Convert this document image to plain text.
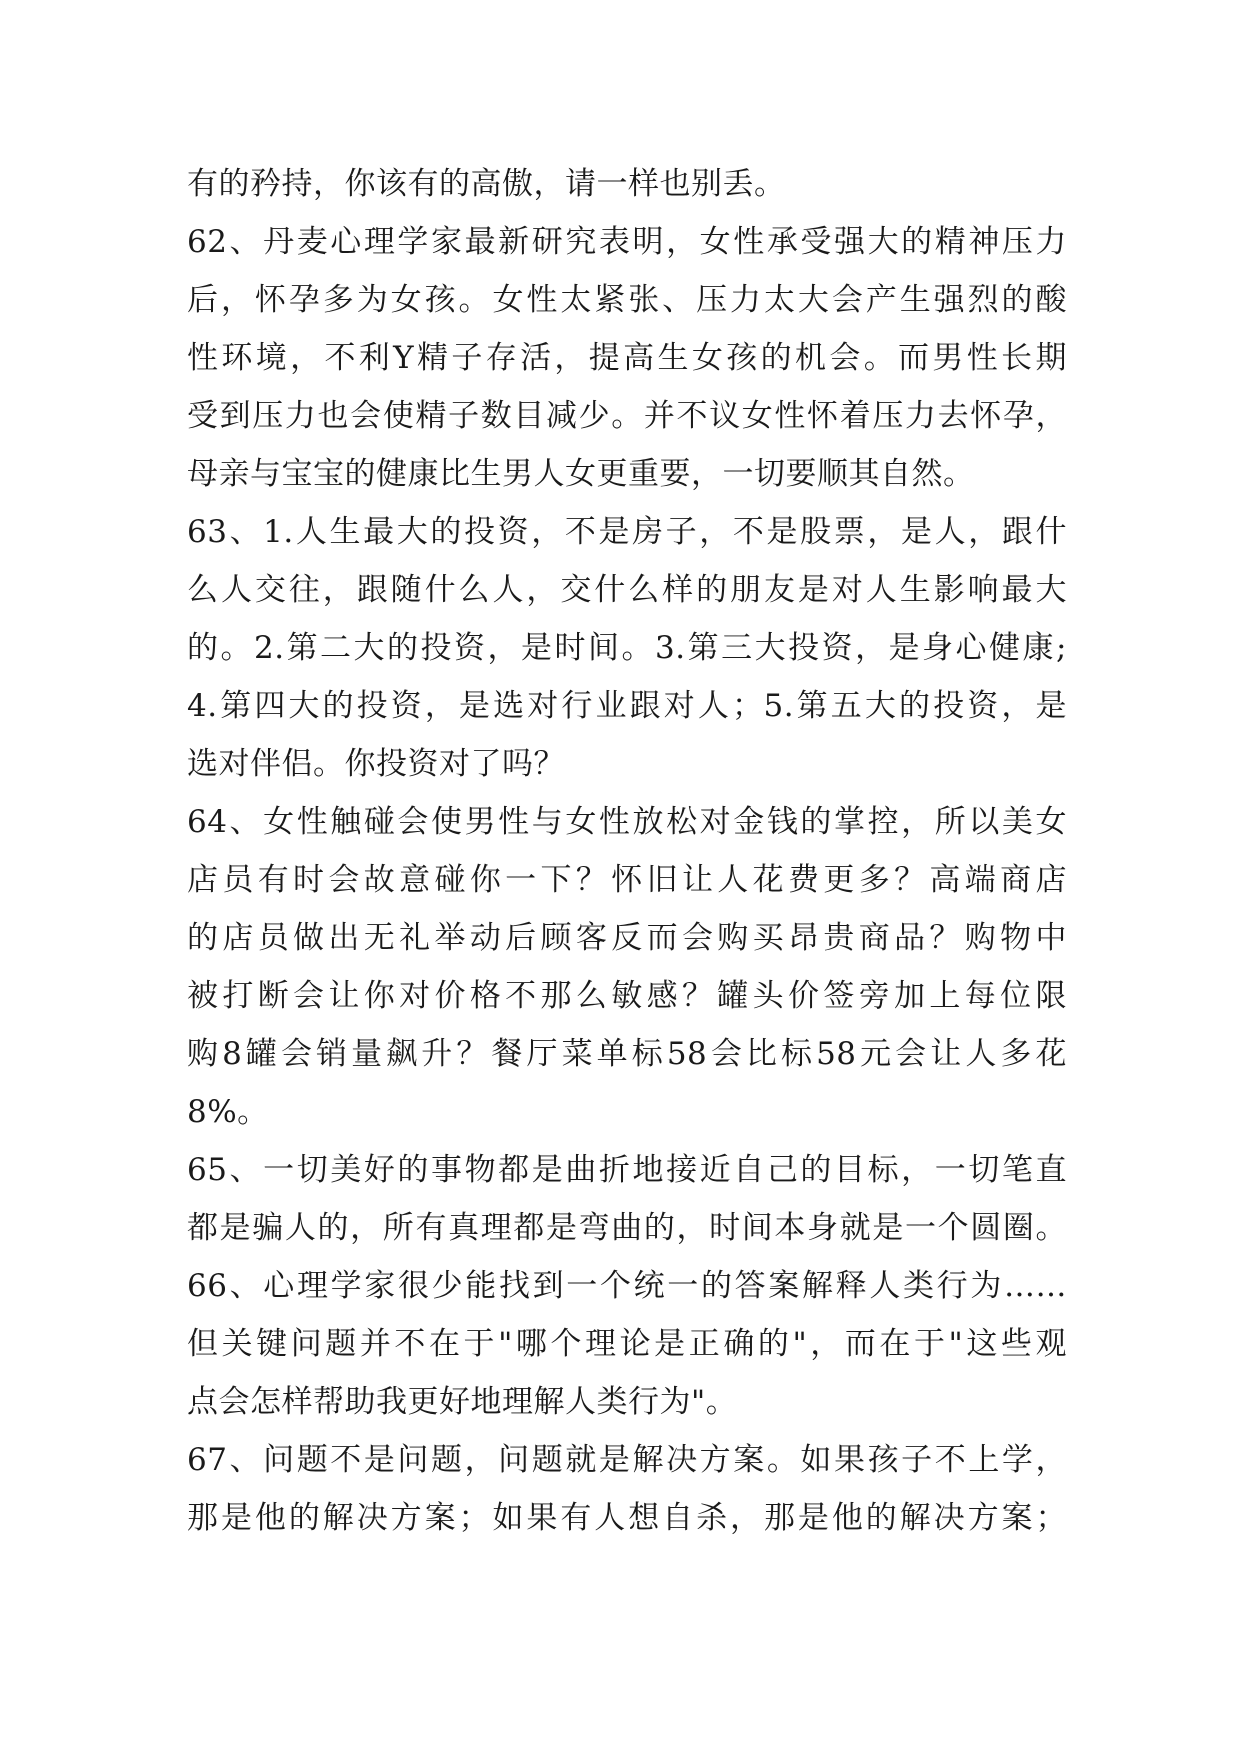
有的矜持，你该有的高傲，请一样也别丢。
62、丹麦心理学家最新研究表明，女性承受强大的精神压力
后，怀孕多为女孩。女性太紧张、压力太大会产生强烈的酸
性环境，不利Y精子存活，提高生女孩的机会。而男性长期
受到压力也会使精子数目减少。并不议女性怀着压力去怀孕，
母亲与宝宝的健康比生男人女更重要，一切要顺其自然。
63、1.人生最大的投资，不是房子，不是股票，是人，跟什
么人交往，跟随什么人，交什么样的朋友是对人生影响最大
的。2.第二大的投资，是时间。3.第三大投资，是身心健康;
4.第四大的投资，是选对行业跟对人；5.第五大的投资，是
选对伴侣。你投资对了吗？
64、女性触碰会使男性与女性放松对金钱的掌控，所以美女
店员有时会故意碰你一下？怀旧让人花费更多？高端商店
的店员做出无礼举动后顾客反而会购买昂贵商品？购物中
被打断会让你对价格不那么敏感？罐头价签旁加上每位限
购8罐会销量飙升？餐厅菜单标58会比标58元会让人多花
8%。
65、一切美好的事物都是曲折地接近自己的目标，一切笔直
都是骗人的，所有真理都是弯曲的，时间本身就是一个圆圈。
66、心理学家很少能找到一个统一的答案解释人类行为……
但关键问题并不在于"哪个理论是正确的"，而在于"这些观
点会怎样帮助我更好地理解人类行为"。
67、问题不是问题，问题就是解决方案。如果孩子不上学，
那是他的解决方案；如果有人想自杀，那是他的解决方案；
